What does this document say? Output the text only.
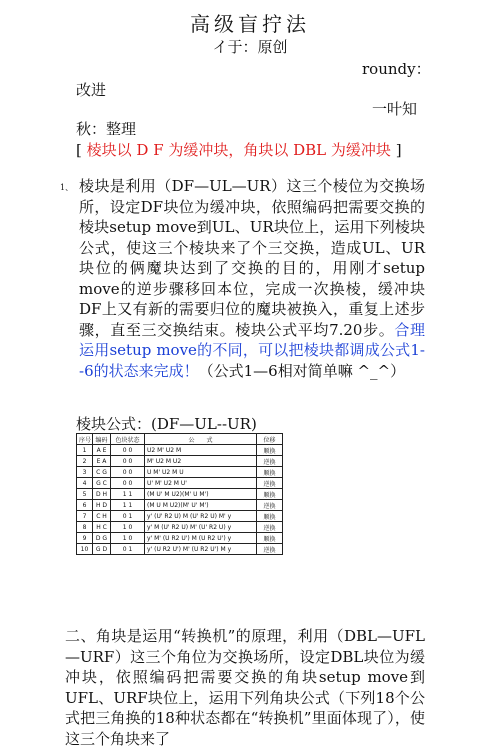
高级盲拧法
イ于：原创
roundy：
改进
一叶知
秋：整理
[ 棱块以 D F 为缓冲块，角块以 DBL 为缓冲块 ]
1、 棱块是利用（DF—UL—UR）这三个棱位为交换场所，设定DF块位为缓冲块，依照编码把需要交换的棱块setup move到UL、UR块位上，运用下列棱块公式，使这三个棱块来了个三交换，造成UL、UR块位的俩魔块达到了交换的目的，用刚才setup move的逆步骤移回本位，完成一次换棱，缓冲块DF上又有新的需要归位的魔块被换入，重复上述步骤，直至三交换结束。棱块公式平均7.20步。合理运用setup move的不同，可以把棱块都调成公式1--6的状态来完成！（公式1—6相对简单嘛 ^_^）
棱块公式：(DF—UL--UR)
序号	编码	色块状态	公　　式	位移
1	A E	0 0	U2 M' U2 M	顺换
2	E A	0 0	M' U2 M U2	逆换
3	C G	0 0	U M' U2 M U	顺换
4	G C	0 0	U' M' U2 M U'	逆换
5	D H	1 1	(M U' M U2)(M' U M')	顺换
6	H D	1 1	(M U M U2)(M' U' M')	逆换
7	C H	0 1	y' (U' R2 U) M (U' R2 U) M' y	顺换
8	H C	1 0	y' M (U' R2 U) M' (U' R2 U) y	逆换
9	D G	1 0	y' M' (U R2 U') M (U R2 U') y	顺换
10	G D	0 1	y' (U R2 U') M' (U R2 U') M y	逆换
二、角块是运用“转换机”的原理，利用（DBL—UFL—URF）这三个角位为交换场所，设定DBL块位为缓冲块，依照编码把需要交换的角块setup move到UFL、URF块位上，运用下列角块公式（下列18个公式把三角换的18种状态都在“转换机”里面体现了），使这三个角块来了
